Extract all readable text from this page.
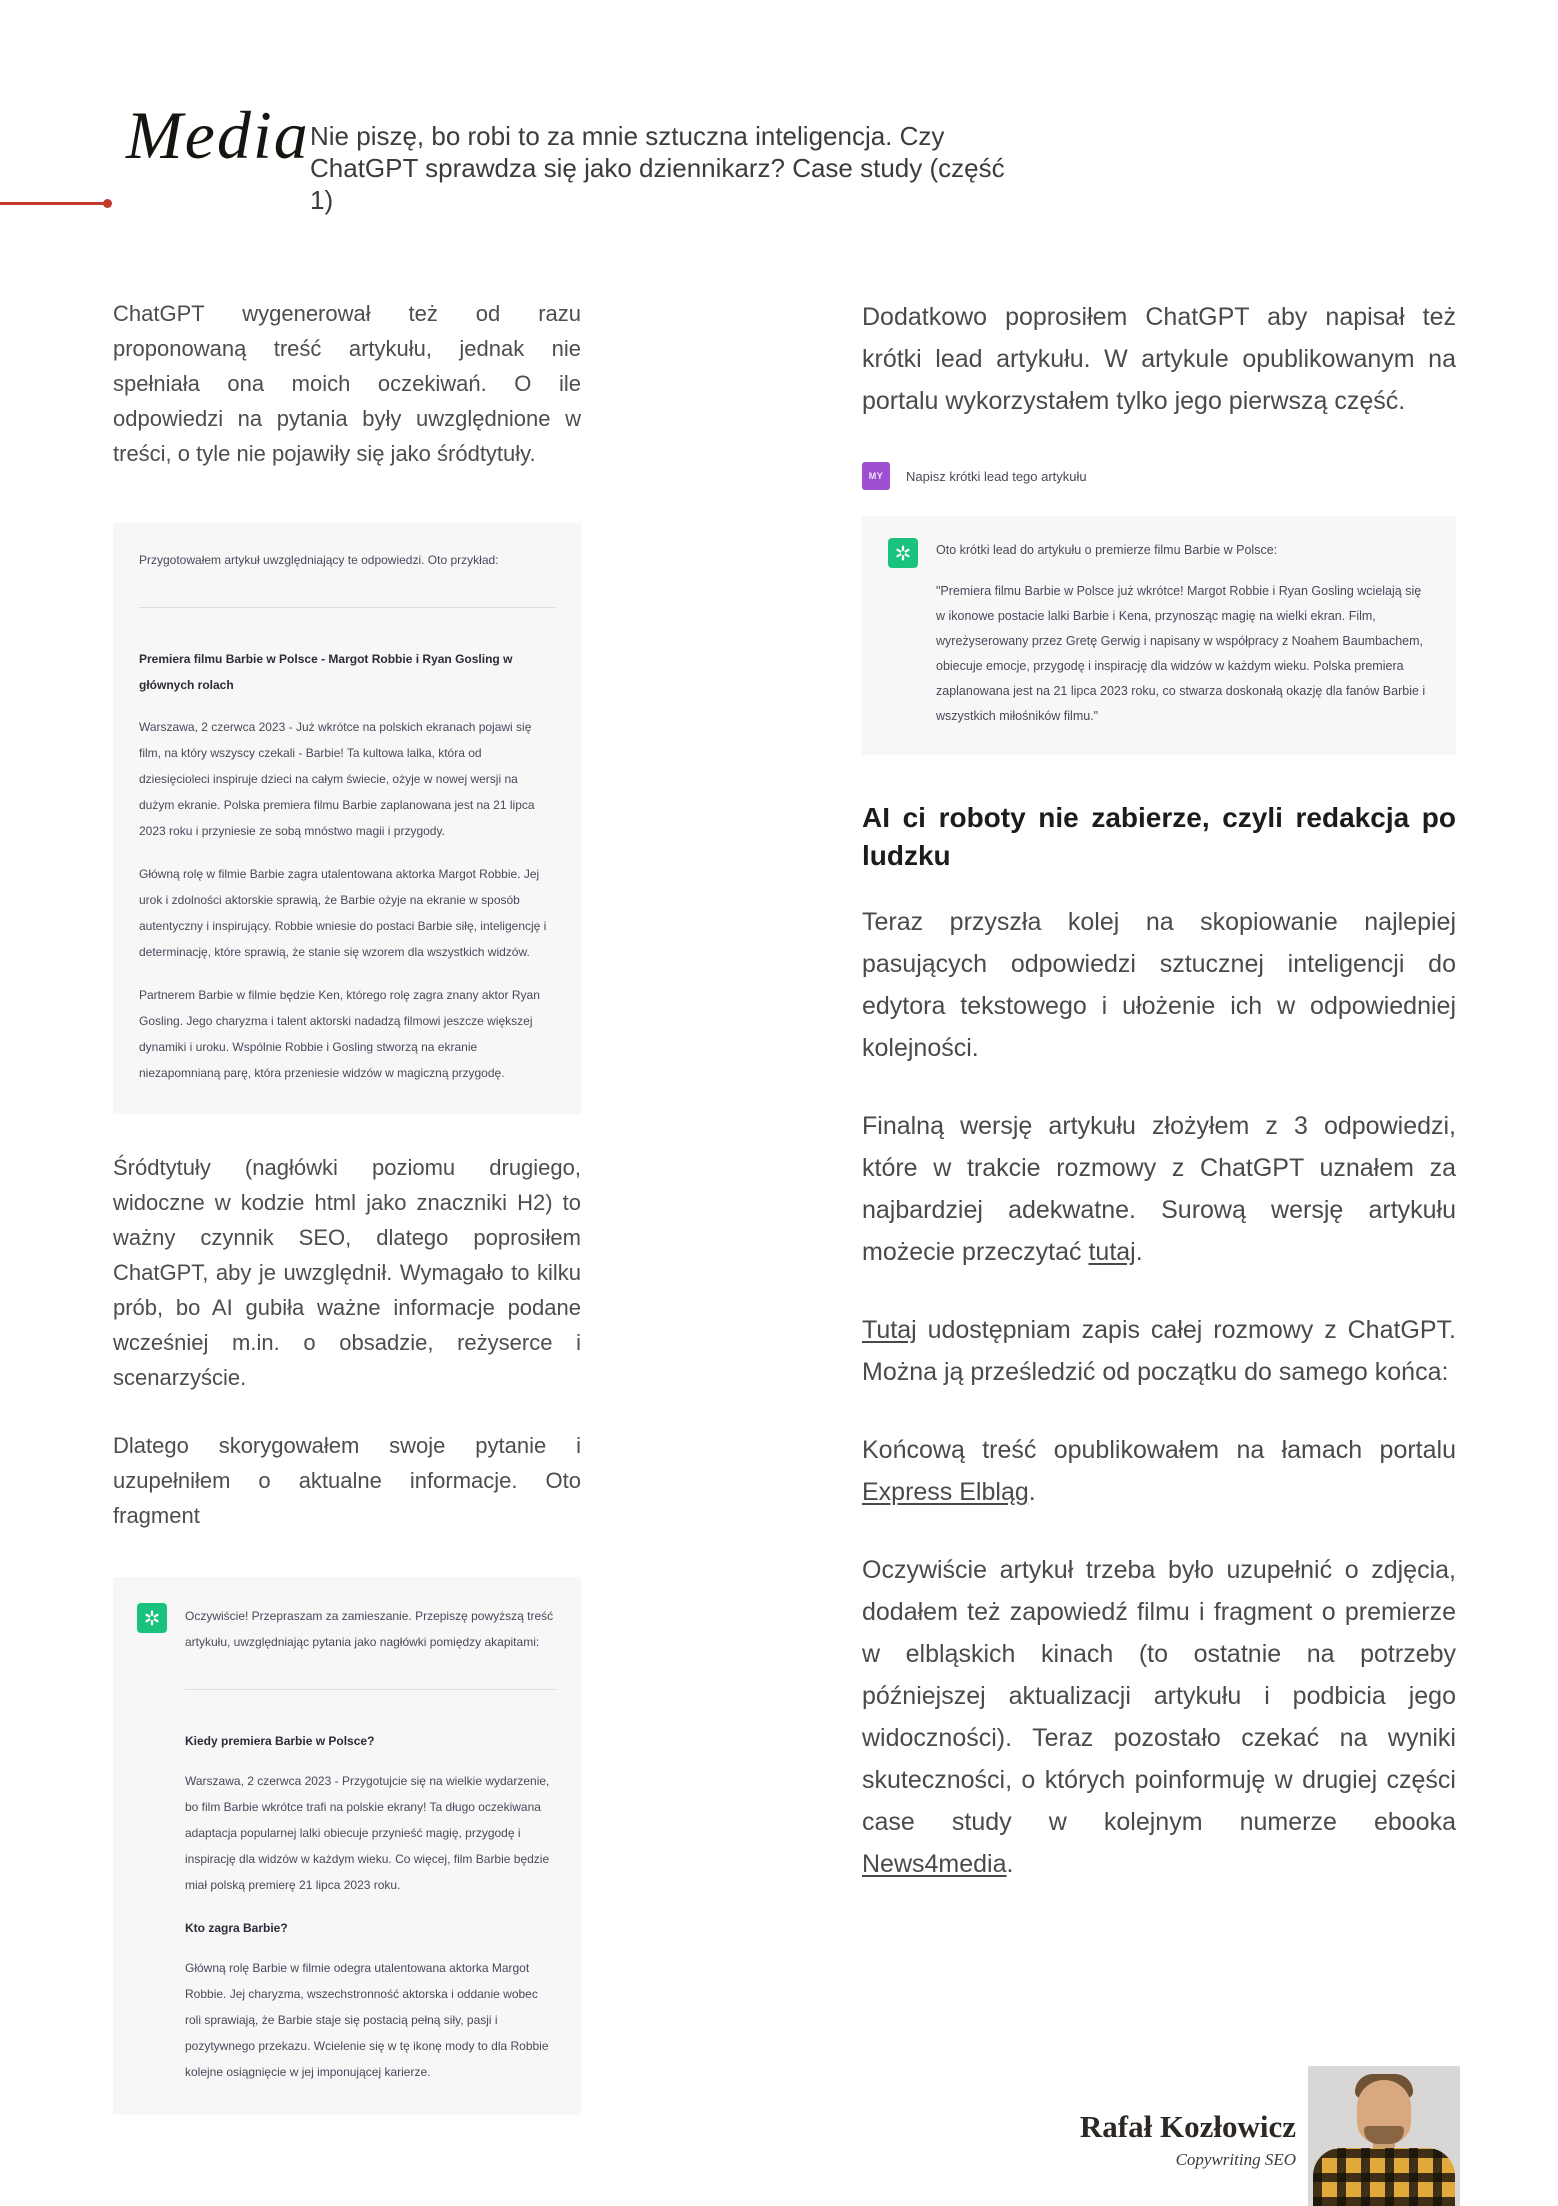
Media Nie piszę, bo robi to za mnie sztuczna inteligencja. Czy ChatGPT sprawdza się jako dziennikarz? Case study (część 1)

ChatGPT wygenerował też od razu proponowaną treść artykułu, jednak nie spełniała ona moich oczekiwań. O ile odpowiedzi na pytania były uwzględnione w treści, o tyle nie pojawiły się jako śródtytuły.

Przygotowałem artykuł uwzględniający te odpowiedzi. Oto przykład:

Premiera filmu Barbie w Polsce - Margot Robbie i Ryan Gosling w głównych rolach

Warszawa, 2 czerwca 2023 - Już wkrótce na polskich ekranach pojawi się film, na który wszyscy czekali - Barbie! Ta kultowa lalka, która od dziesięcioleci inspiruje dzieci na całym świecie, ożyje w nowej wersji na dużym ekranie. Polska premiera filmu Barbie zaplanowana jest na 21 lipca 2023 roku i przyniesie ze sobą mnóstwo magii i przygody.

Główną rolę w filmie Barbie zagra utalentowana aktorka Margot Robbie. Jej urok i zdolności aktorskie sprawią, że Barbie ożyje na ekranie w sposób autentyczny i inspirujący. Robbie wniesie do postaci Barbie siłę, inteligencję i determinację, które sprawią, że stanie się wzorem dla wszystkich widzów.

Partnerem Barbie w filmie będzie Ken, którego rolę zagra znany aktor Ryan Gosling. Jego charyzma i talent aktorski nadadzą filmowi jeszcze większej dynamiki i uroku. Wspólnie Robbie i Gosling stworzą na ekranie niezapomnianą parę, która przeniesie widzów w magiczną przygodę.

Śródtytuły (nagłówki poziomu drugiego, widoczne w kodzie html jako znaczniki H2) to ważny czynnik SEO, dlatego poprosiłem ChatGPT, aby je uwzględnił. Wymagało to kilku prób, bo AI gubiła ważne informacje podane wcześniej m.in. o obsadzie, reżyserce i scenarzyście.

Dlatego skorygowałem swoje pytanie i uzupełniłem o aktualne informacje. Oto fragment

Oczywiście! Przepraszam za zamieszanie. Przepiszę powyższą treść artykułu, uwzględniając pytania jako nagłówki pomiędzy akapitami:

Kiedy premiera Barbie w Polsce?

Warszawa, 2 czerwca 2023 - Przygotujcie się na wielkie wydarzenie, bo film Barbie wkrótce trafi na polskie ekrany! Ta długo oczekiwana adaptacja popularnej lalki obiecuje przynieść magię, przygodę i inspirację dla widzów w każdym wieku. Co więcej, film Barbie będzie miał polską premierę 21 lipca 2023 roku.

Kto zagra Barbie?

Główną rolę Barbie w filmie odegra utalentowana aktorka Margot Robbie. Jej charyzma, wszechstronność aktorska i oddanie wobec roli sprawiają, że Barbie staje się postacią pełną siły, pasji i pozytywnego przekazu. Wcielenie się w tę ikonę mody to dla Robbie kolejne osiągnięcie w jej imponującej karierze.

Dodatkowo poprosiłem ChatGPT aby napisał też krótki lead artykułu. W artykule opublikowanym na portalu wykorzystałem tylko jego pierwszą część.

MY	Napisz krótki lead tego artykułu

Oto krótki lead do artykułu o premierze filmu Barbie w Polsce:

"Premiera filmu Barbie w Polsce już wkrótce! Margot Robbie i Ryan Gosling wcielają się w ikonowe postacie lalki Barbie i Kena, przynosząc magię na wielki ekran. Film, wyreżyserowany przez Gretę Gerwig i napisany w współpracy z Noahem Baumbachem, obiecuje emocje, przygodę i inspirację dla widzów w każdym wieku. Polska premiera zaplanowana jest na 21 lipca 2023 roku, co stwarza doskonałą okazję dla fanów Barbie i wszystkich miłośników filmu."

AI ci roboty nie zabierze, czyli redakcja po ludzku

Teraz przyszła kolej na skopiowanie najlepiej pasujących odpowiedzi sztucznej inteligencji do edytora tekstowego i ułożenie ich w odpowiedniej kolejności.

Finalną wersję artykułu złożyłem z 3 odpowiedzi, które w trakcie rozmowy z ChatGPT uznałem za najbardziej adekwatne. Surową wersję artykułu możecie przeczytać tutaj.

Tutaj udostępniam zapis całej rozmowy z ChatGPT. Można ją prześledzić od początku do samego końca:

Końcową treść opublikowałem na łamach portalu Express Elbląg.

Oczywiście artykuł trzeba było uzupełnić o zdjęcia, dodałem też zapowiedź filmu i fragment o premierze w elbląskich kinach (to ostatnie na potrzeby późniejszej aktualizacji artykułu i podbicia jego widoczności). Teraz pozostało czekać na wyniki skuteczności, o których poinformuję w drugiej części case study w kolejnym numerze ebooka News4media.

Rafał Kozłowicz
Copywriting SEO
